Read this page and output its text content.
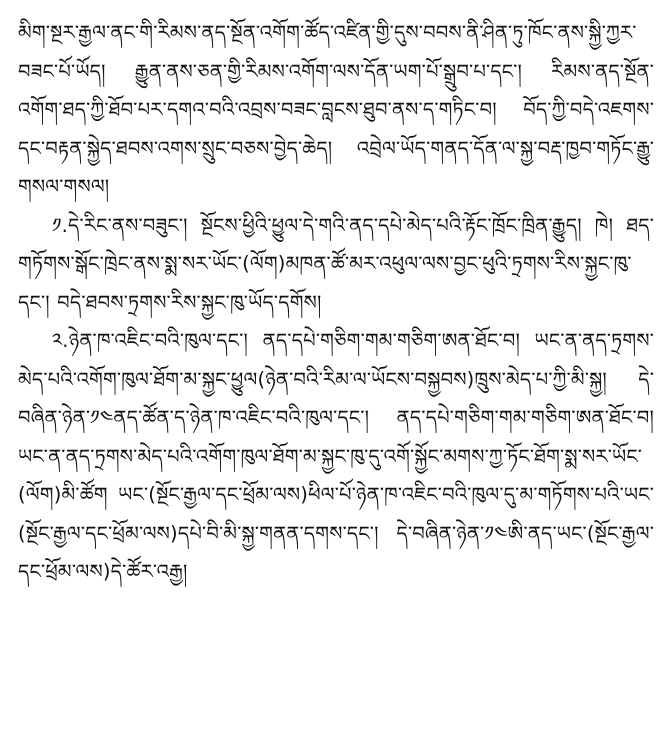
མིག་སྔར་རྒྱལ་ནང་གི་རིམས་ནད་སྔོན་འགོག་ཚོད་འཛིན་གྱི་དུས་བབས་ནི་ཤིན་ཏུ་ཁོང་ནས་སྐྱི་ཀྱར་བཟང་པོ་ཡོད། རྒྱུན་ནས་ཅན་གྱི་རིམས་འགོག་ལས་དོན་ཡག་པོ་སྒྲུབ་པ་དང་། རིམས་ནད་སྔོན་འགོག་ཐད་ཀྱི་ཐོབ་པར་དགའ་བའི་འབྲས་བཟང་བླངས་ཐུབ་ནས་ད་གཏིང་བ། བོད་ཀྱི་བདེ་འཇགས་དང་བརྟན་སྐྱེད་ཐབས་འགས་སྲུང་བཅས་བྱེད་ཆེད། འབྲེལ་ཡོད་གནད་དོན་ལ་སྐྱ་བརྡ་ཁྱབ་གཏོང་རྒྱུ་གསལ་གསལ།

༡.དེ་རིང་ནས་བཟུང་། སྔོངས་ཕྱིའི་ཕྱུལ་དེ་གའི་ནད་དཔེ་མེད་པའི་རྟོང་ཁྲོང་ཁྲིན་རྒྱུད། ཁེ། ཐད་གཏོགས་སྒོང་ཁྲེང་ནས་སྨ་སར་ཡོང་(ལོག)མཁན་ཚོ་མར་འཕུལ་ལས་བྱང་ཕུའི་ཏྲགས་རིས་སྐྱང་ཁུ་དང་། བདེ་ཐབས་ཏྲགས་རིས་སྐྱང་ཁུ་ཡོད་དགོས།

༢.ཉེན་ཁ་འཇིང་བའི་ཁུལ་དང་། ནད་དཔེ་གཅིག་གམ་གཅིག་ཨན་ཐོང་བ། ཡང་ན་ནད་ཏྲགས་མེད་པའི་འགོག་ཁུལ་ཐོག་མ་སྐྱང་ཕྱུལ(ཉེན་བའི་རིམ་ལ་ཡོངས་བསྐྱབས)ཁྲུས་མེད་པ་ཀྱི་མི་སྐྱ། དེ་བཞིན་ཉེན་༡༤ནད་ཚོན་ད་ཉེན་ཁ་འཇིང་བའི་ཁུལ་དང་། ནད་དཔེ་གཅིག་གམ་གཅིག་ཨན་ཐོང་བ། ཡང་ན་ནད་ཏྲགས་མེད་པའི་འགོག་ཁུལ་ཐོག་མ་སྐྱང་ཁུ་དུ་འགོ་སྐྱོང་མགས་ཀྱ་ཏོང་ཐོག་སྨ་སར་ཡོང་(ལོག)མི་ཚོག ཡང་(སྔོང་རྒྱལ་དང་ཕྲོམ་ལས)ཕིལ་པོ་ཉེན་ཁ་འཇིང་བའི་ཁུལ་དུ་མ་གཏོགས་པའི་ཡང་(སྔོང་རྒྱལ་དང་ཕྲོམ་ལས)དཔེ་བི་མི་སྐྱ་གནན་དགས་དང་། དེ་བཞིན་ཉེན་༡༤ཨི་ནད་ཡང་(སྔོང་རྒྱལ་དང་ཕྲོམ་ལས)དེ་ཚོར་འརྒྱ།
